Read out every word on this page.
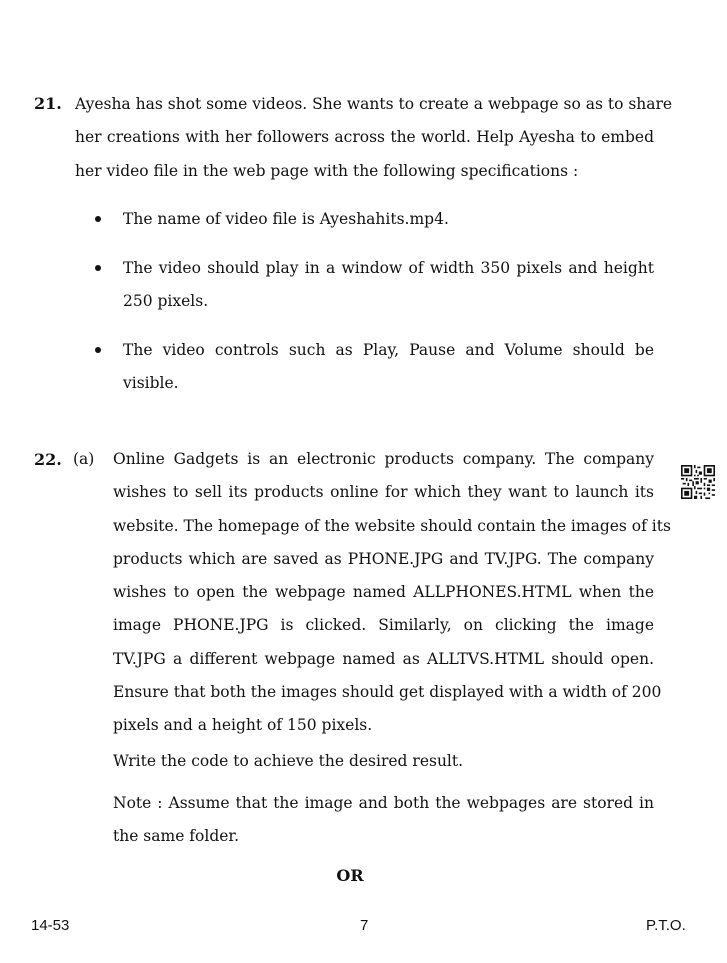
21. Ayesha has shot some videos. She wants to create a webpage so as to share
her creations with her followers across the world. Help Ayesha to embed
her video file in the web page with the following specifications :
The name of video file is Ayeshahits.mp4.
The video should play in a window of width 350 pixels and height
250 pixels.
The video controls such as Play, Pause and Volume should be
visible.
22. (a) Online Gadgets is an electronic products company. The company
wishes to sell its products online for which they want to launch its
website. The homepage of the website should contain the images of its
products which are saved as PHONE.JPG and TV.JPG. The company
wishes to open the webpage named ALLPHONES.HTML when the
image PHONE.JPG is clicked. Similarly, on clicking the image
TV.JPG a different webpage named as ALLTVS.HTML should open.
Ensure that both the images should get displayed with a width of 200
pixels and a height of 150 pixels.
Write the code to achieve the desired result.
Note : Assume that the image and both the webpages are stored in
the same folder.
OR
14-53	7	P.T.O.
